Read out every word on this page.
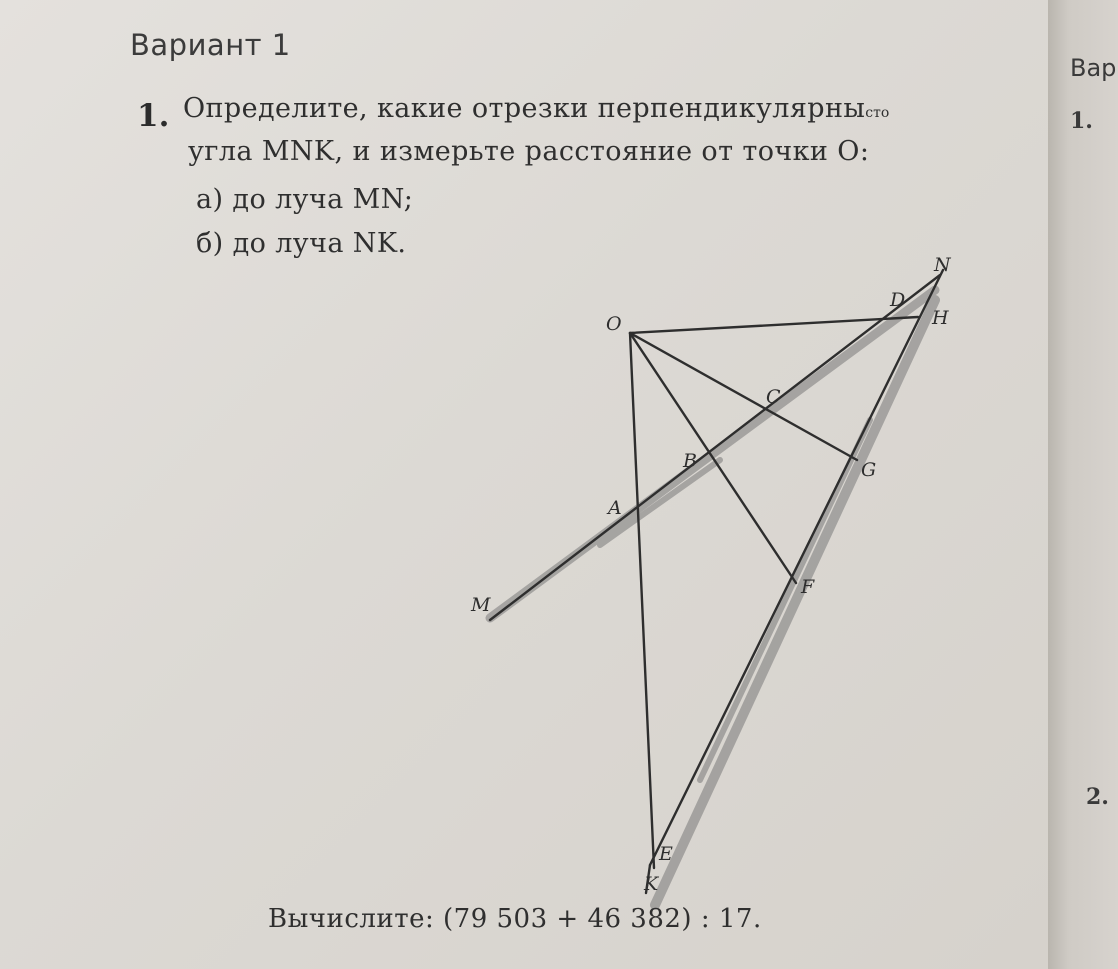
Вар
1.
2.
Вариант 1
1. Определите, какие отрезки перпендикулярнысто
угла MNK, и измерьте расстояние от точки O:
а) до луча MN;
б) до луча NK.
O
D
H
N
C
B	G
A
F
M
E
K
Вычислите: (79 503 + 46 382) : 17.
